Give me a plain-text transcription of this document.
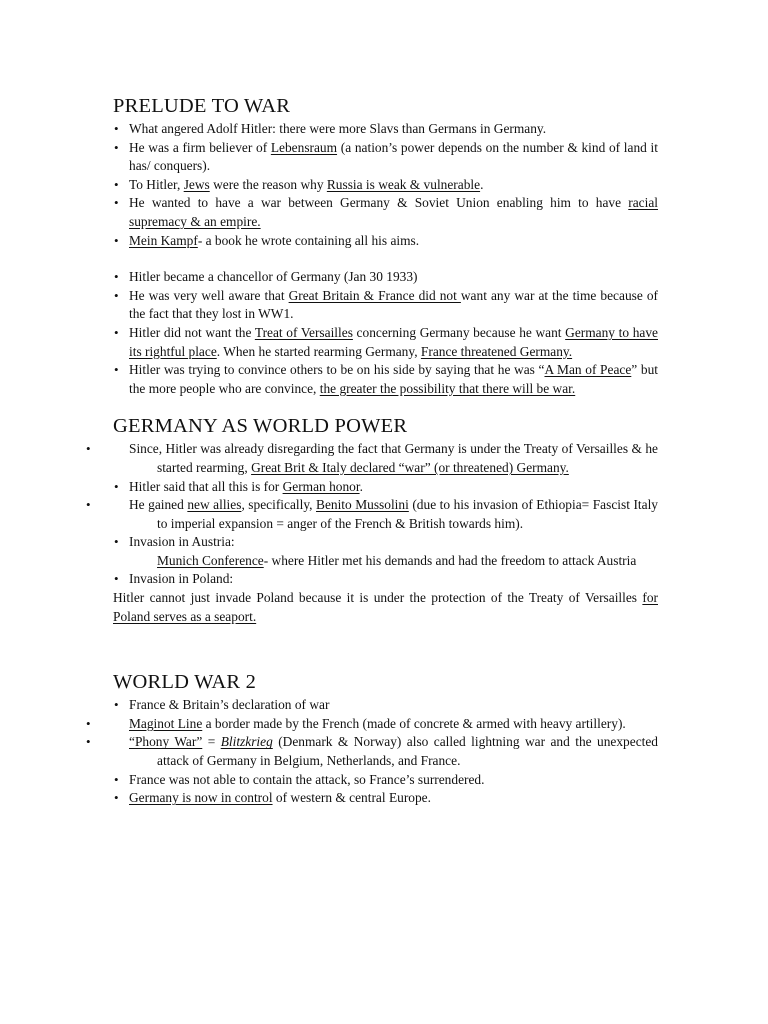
PRELUDE TO WAR
• What angered Adolf Hitler: there were more Slavs than Germans in Germany.
• He was a firm believer of Lebensraum (a nation’s power depends on the number & kind of land it has/ conquers).
• To Hitler, Jews were the reason why Russia is weak & vulnerable.
• He wanted to have a war between Germany & Soviet Union enabling him to have racial supremacy & an empire.
• Mein Kampf- a book he wrote containing all his aims.
• Hitler became a chancellor of Germany (Jan 30 1933)
• He was very well aware that Great Britain & France did not want any war at the time because of the fact that they lost in WW1.
• Hitler did not want the Treat of Versailles concerning Germany because he want Germany to have its rightful place. When he started rearming Germany, France threatened Germany.
• Hitler was trying to convince others to be on his side by saying that he was “A Man of Peace” but the more people who are convince, the greater the possibility that there will be war.
GERMANY AS WORLD POWER
• Since, Hitler was already disregarding the fact that Germany is under the Treaty of Versailles & he started rearming, Great Brit & Italy declared “war” (or threatened) Germany.
• Hitler said that all this is for German honor.
• He gained new allies, specifically, Benito Mussolini (due to his invasion of Ethiopia= Fascist Italy to imperial expansion = anger of the French & British towards him).
• Invasion in Austria:
Munich Conference- where Hitler met his demands and had the freedom to attack Austria
• Invasion in Poland:
Hitler cannot just invade Poland because it is under the protection of the Treaty of Versailles for Poland serves as a seaport.
WORLD WAR 2
• France & Britain’s declaration of war
• Maginot Line a border made by the French (made of concrete & armed with heavy artillery).
• “Phony War” = Blitzkrieg (Denmark & Norway) also called lightning war and the unexpected attack of Germany in Belgium, Netherlands, and France.
• France was not able to contain the attack, so France’s surrendered.
• Germany is now in control of western & central Europe.
